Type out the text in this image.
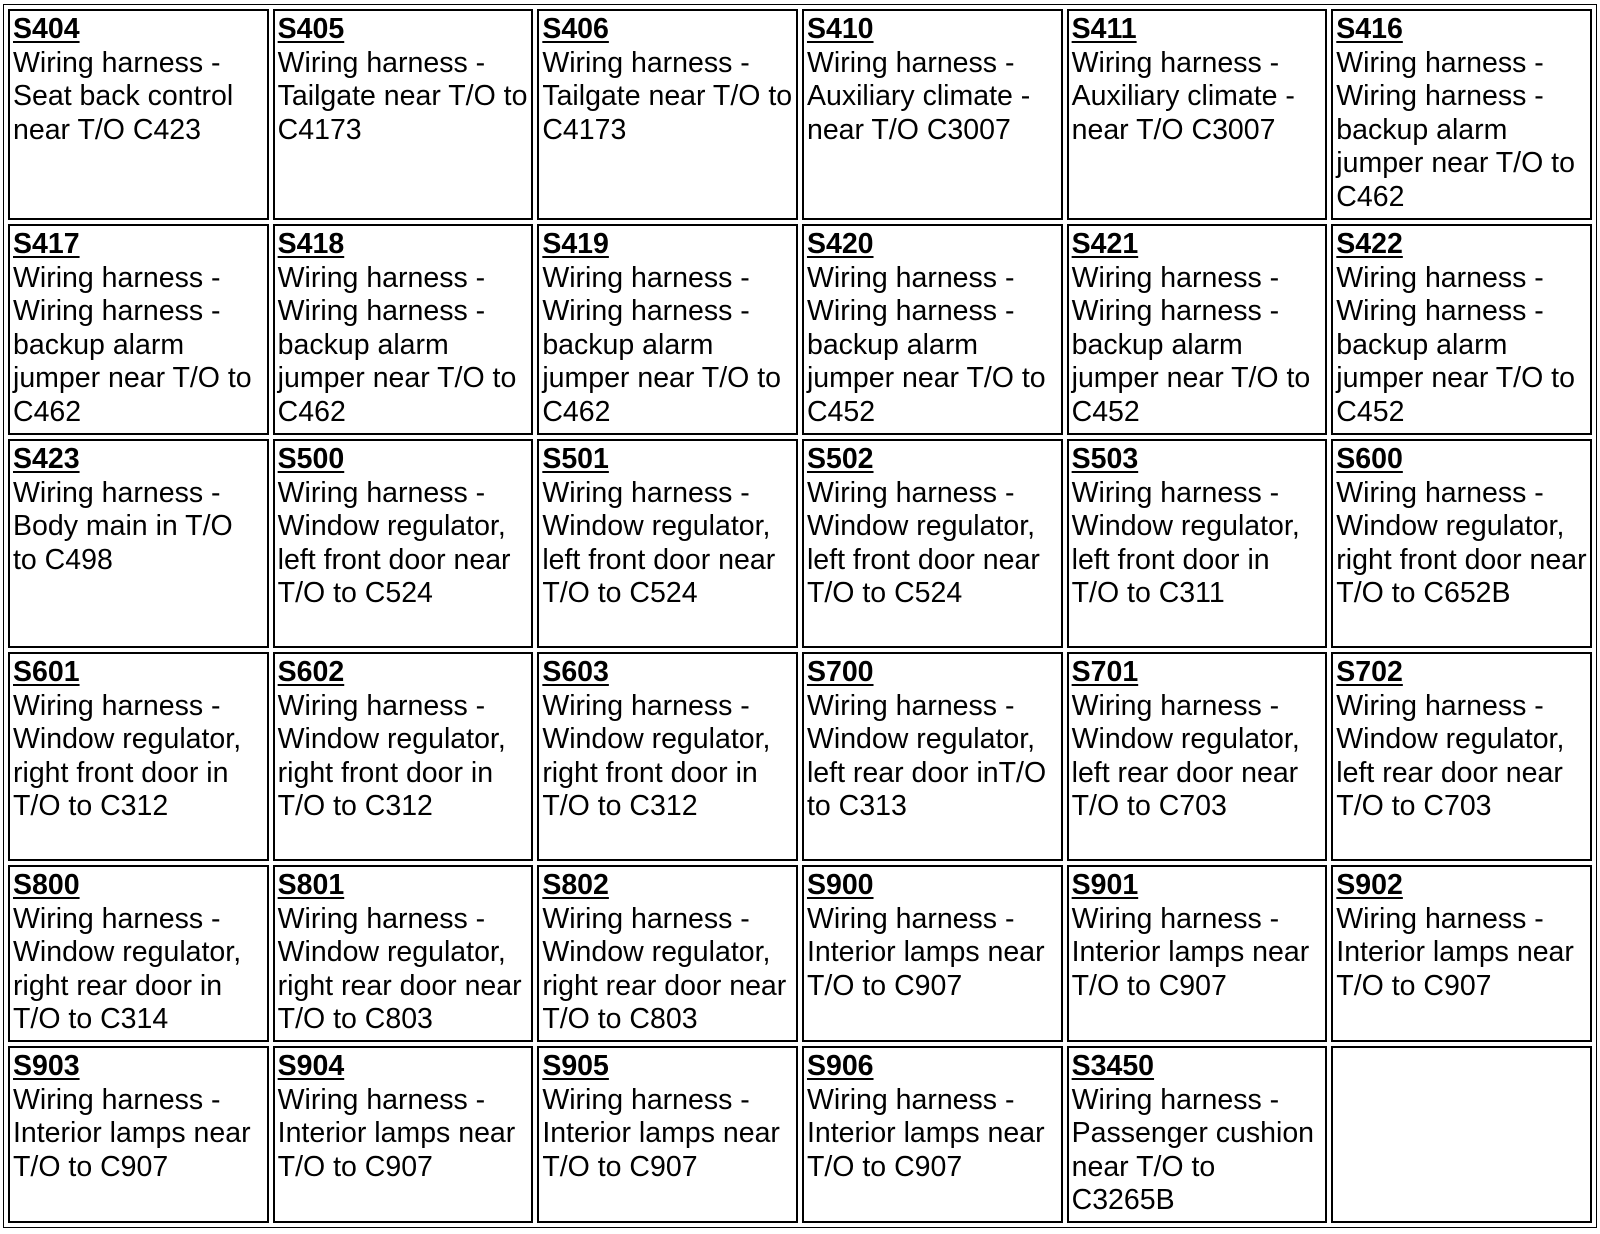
S404
Wiring harness - Seat back control near T/O C423	S405
Wiring harness - Tailgate near T/O to C4173	S406
Wiring harness - Tailgate near T/O to C4173	S410
Wiring harness - Auxiliary climate - near T/O C3007	S411
Wiring harness - Auxiliary climate - near T/O C3007	S416
Wiring harness - Wiring harness - backup alarm jumper near T/O to C462

S417
Wiring harness - Wiring harness - backup alarm jumper near T/O to C462	S418
Wiring harness - Wiring harness - backup alarm jumper near T/O to C462	S419
Wiring harness - Wiring harness - backup alarm jumper near T/O to C462	S420
Wiring harness - Wiring harness - backup alarm jumper near T/O to C452	S421
Wiring harness - Wiring harness - backup alarm jumper near T/O to C452	S422
Wiring harness - Wiring harness - backup alarm jumper near T/O to C452

S423
Wiring harness - Body main in T/O to C498	S500
Wiring harness - Window regulator, left front door near T/O to C524	S501
Wiring harness - Window regulator, left front door near T/O to C524	S502
Wiring harness - Window regulator, left front door near T/O to C524	S503
Wiring harness - Window regulator, left front door in T/O to C311	S600
Wiring harness - Window regulator, right front door near T/O to C652B

S601
Wiring harness - Window regulator, right front door in T/O to C312	S602
Wiring harness - Window regulator, right front door in T/O to C312	S603
Wiring harness - Window regulator, right front door in T/O to C312	S700
Wiring harness - Window regulator, left rear door inT/O to C313	S701
Wiring harness - Window regulator, left rear door near T/O to C703	S702
Wiring harness - Window regulator, left rear door near T/O to C703

S800
Wiring harness - Window regulator, right rear door in T/O to C314	S801
Wiring harness - Window regulator, right rear door near T/O to C803	S802
Wiring harness - Window regulator, right rear door near T/O to C803	S900
Wiring harness - Interior lamps near T/O to C907	S901
Wiring harness - Interior lamps near T/O to C907	S902
Wiring harness - Interior lamps near T/O to C907

S903
Wiring harness - Interior lamps near T/O to C907	S904
Wiring harness - Interior lamps near T/O to C907	S905
Wiring harness - Interior lamps near T/O to C907	S906
Wiring harness - Interior lamps near T/O to C907	S3450
Wiring harness - Passenger cushion near T/O to C3265B	
